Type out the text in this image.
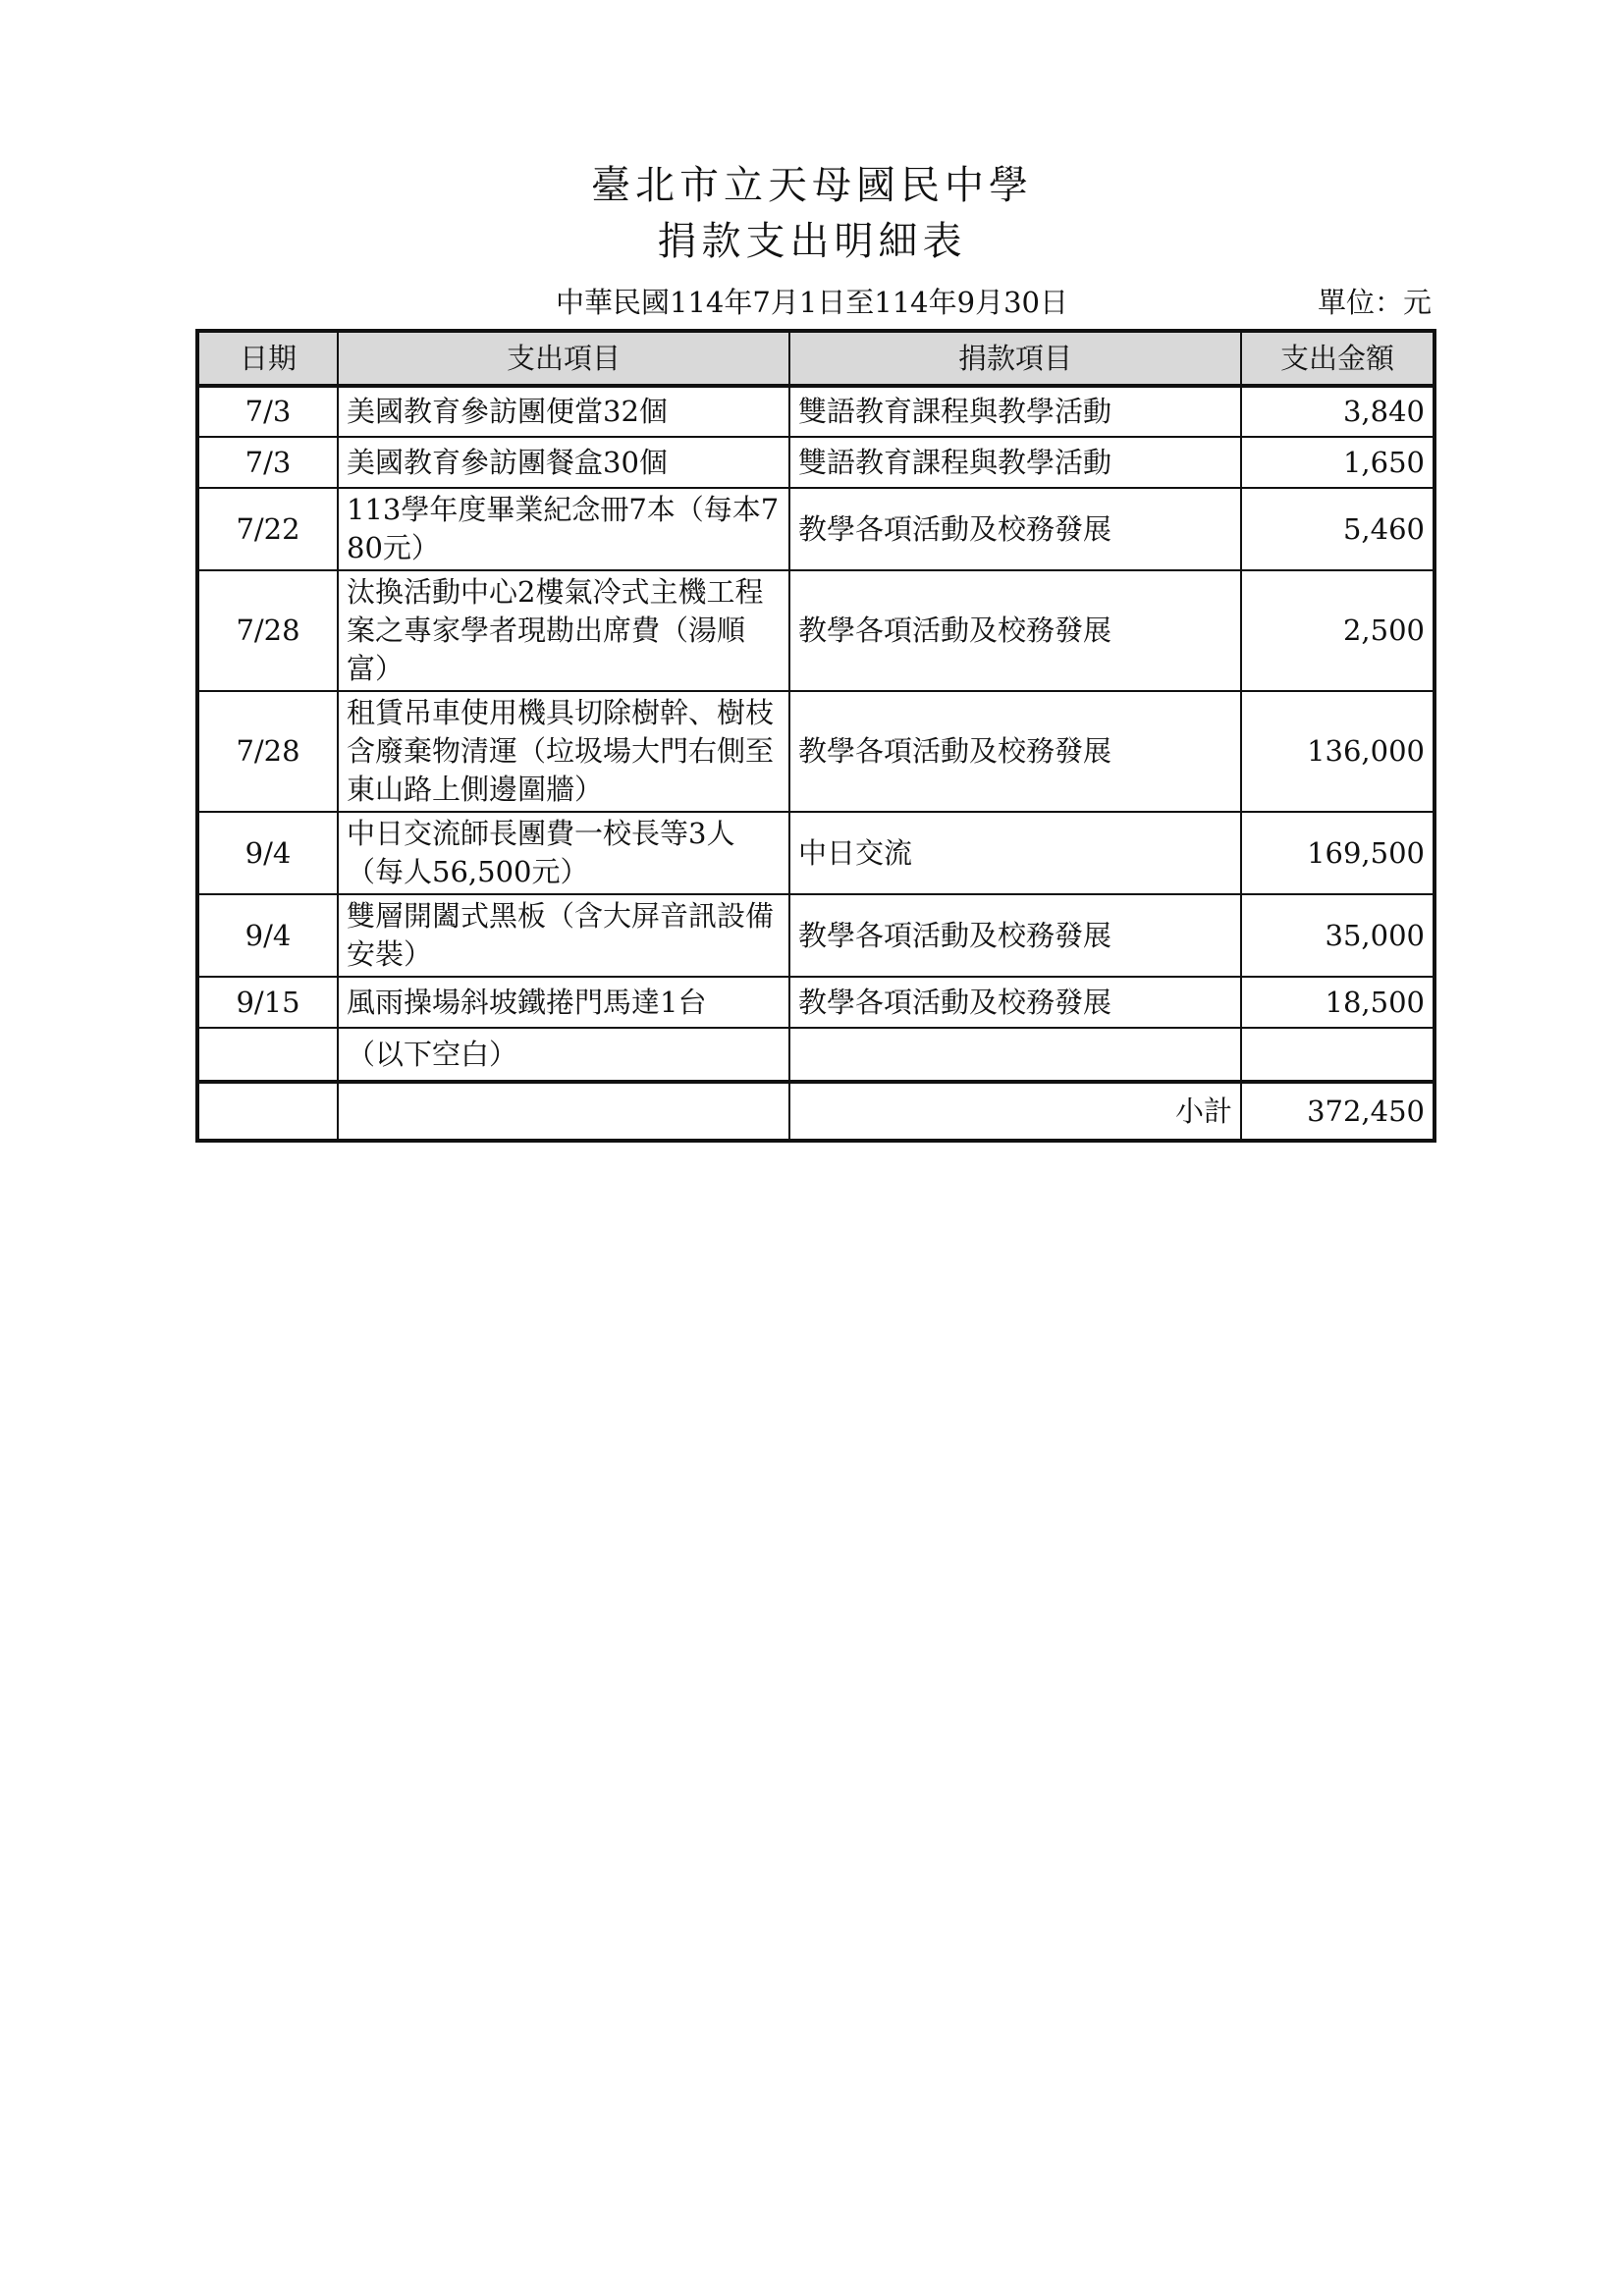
臺北市立天母國民中學
捐款支出明細表
中華民國114年7月1日至114年9月30日	單位：元
日期	支出項目	捐款項目	支出金額
7/3	美國教育參訪團便當32個	雙語教育課程與教學活動	3,840
7/3	美國教育參訪團餐盒30個	雙語教育課程與教學活動	1,650
7/22	113學年度畢業紀念冊7本（每本780元）	教學各項活動及校務發展	5,460
7/28	汰換活動中心2樓氣冷式主機工程案之專家學者現勘出席費（湯順富）	教學各項活動及校務發展	2,500
7/28	租賃吊車使用機具切除樹幹、樹枝含廢棄物清運（垃圾場大門右側至東山路上側邊圍牆）	教學各項活動及校務發展	136,000
9/4	中日交流師長團費一校長等3人（每人56,500元）	中日交流	169,500
9/4	雙層開闔式黑板（含大屏音訊設備安裝）	教學各項活動及校務發展	35,000
9/15	風雨操場斜坡鐵捲門馬達1台	教學各項活動及校務發展	18,500
	（以下空白）		
		小計	372,450
